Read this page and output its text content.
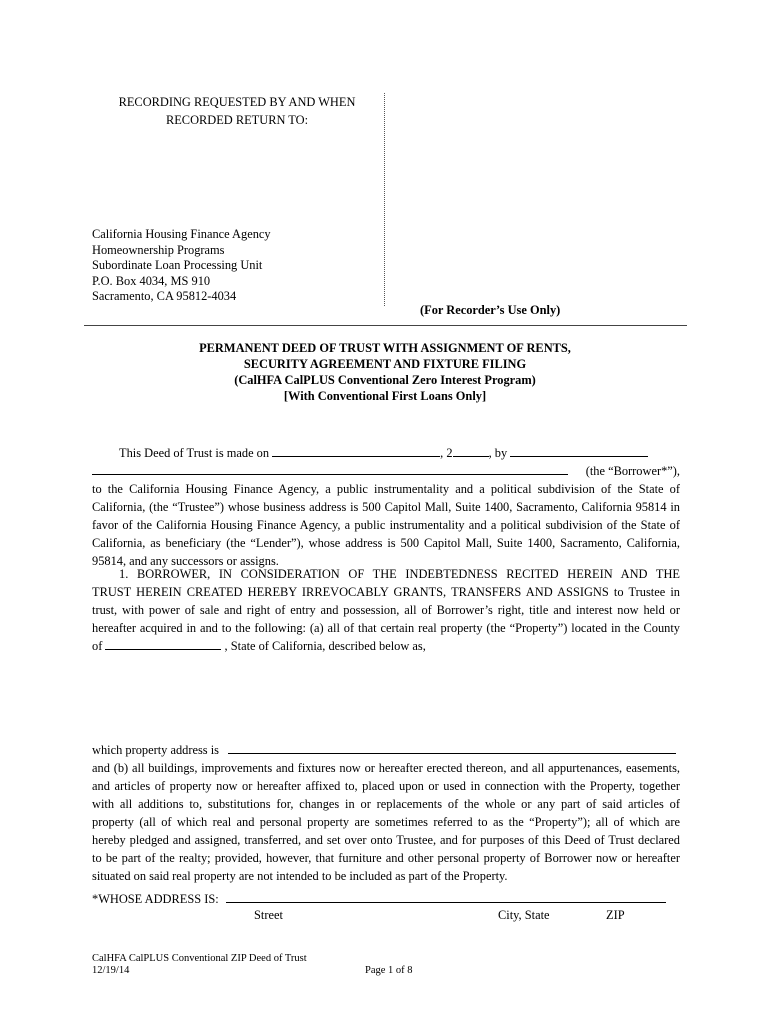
RECORDING REQUESTED BY AND WHEN

RECORDED RETURN TO:

California Housing Finance Agency
Homeownership Programs
Subordinate Loan Processing Unit
P.O. Box 4034, MS 910
Sacramento, CA 95812-4034
(For Recorder’s Use Only)
PERMANENT DEED OF TRUST WITH ASSIGNMENT OF RENTS,
SECURITY AGREEMENT AND FIXTURE FILING
(CalHFA CalPLUS Conventional Zero Interest Program)
[With Conventional First Loans Only]
This Deed of Trust is made on	, 2	, by
(the “Borrower*”),
to the California Housing Finance Agency, a public instrumentality and a political subdivision of the State of
California, (the “Trustee”) whose business address is 500 Capitol Mall, Suite 1400, Sacramento, California 95814 in
favor of the California Housing Finance Agency, a public instrumentality and a political subdivision of the State of
California, as beneficiary (the “Lender”), whose address is 500 Capitol Mall, Suite 1400, Sacramento, California,
95814, and any successors or assigns.
1. BORROWER, IN CONSIDERATION OF THE INDEBTEDNESS RECITED HEREIN AND THE
TRUST HEREIN CREATED HEREBY IRREVOCABLY GRANTS, TRANSFERS AND ASSIGNS to Trustee in
trust, with power of sale and right of entry and possession, all of Borrower’s right, title and interest now held or
hereafter acquired in and to the following: (a) all of that certain real property (the “Property”) located in the County
of	, State of California, described below as,
which property address is
and (b) all buildings, improvements and fixtures now or hereafter erected thereon, and all appurtenances, easements,
and articles of property now or hereafter affixed to, placed upon or used in connection with the Property, together
with all additions to, substitutions for, changes in or replacements of the whole or any part of said articles of
property (all of which real and personal property are sometimes referred to as the “Property”); all of which are
hereby pledged and assigned, transferred, and set over onto Trustee, and for purposes of this Deed of Trust declared
to be part of the realty; provided, however, that furniture and other personal property of Borrower now or hereafter
situated on said real property are not intended to be included as part of the Property.
*WHOSE ADDRESS IS:
Street	City, State	ZIP
CalHFA CalPLUS Conventional ZIP Deed of Trust
12/19/14	Page 1 of 8
